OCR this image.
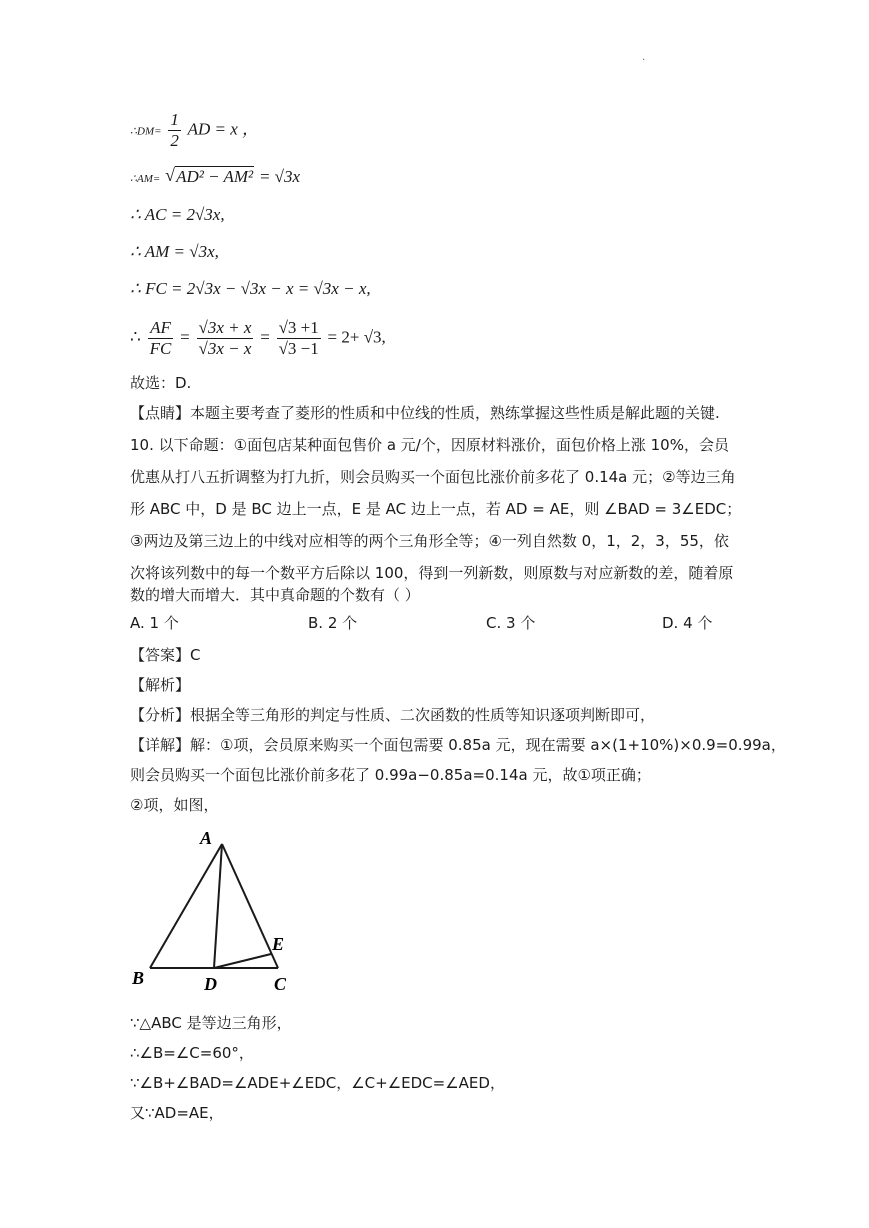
.
∴DM= $\frac{1}{2}$ AD = x ，
∴AM= √ AD² − AM² = √3x
∴ AC = 2√3x,
∴ AM = √3x,
∴ FC = 2√3x − √3x − x = √3x − x,
∴ $\frac{AF}{FC} = \frac{√3x + x}{√3x - x} = \frac{√3 +1}{√3 -1} = 2+ √3$,
故选：D.
【点睛】本题主要考查了菱形的性质和中位线的性质，熟练掌握这些性质是解此题的关键.
10. 以下命题：①面包店某种面包售价 a 元/个，因原材料涨价，面包价格上涨 10%，会员
优惠从打八五折调整为打九折，则会员购买一个面包比涨价前多花了 0.14a 元；②等边三角
形 ABC 中，D 是 BC 边上一点，E 是 AC 边上一点，若 AD = AE，则 ∠BAD = 3∠EDC；
③两边及第三边上的中线对应相等的两个三角形全等；④一列自然数 0，1，2，3，55，依
次将该列数中的每一个数平方后除以 100，得到一列新数，则原数与对应新数的差，随着原
数的增大而增大．其中真命题的个数有（ ）
A. 1 个	B. 2 个	C. 3 个	D. 4 个
【答案】C
【解析】
【分析】根据全等三角形的判定与性质、二次函数的性质等知识逐项判断即可，
【详解】解：①项，会员原来购买一个面包需要 0.85a 元，现在需要 a×(1+10%)×0.9=0.99a，
则会员购买一个面包比涨价前多花了 0.99a−0.85a=0.14a 元，故①项正确；
②项，如图，
A
B	C
D
E
∵△ABC 是等边三角形，
∴∠B=∠C=60°，
∵∠B+∠BAD=∠ADE+∠EDC，∠C+∠EDC=∠AED，
又∵AD=AE，
